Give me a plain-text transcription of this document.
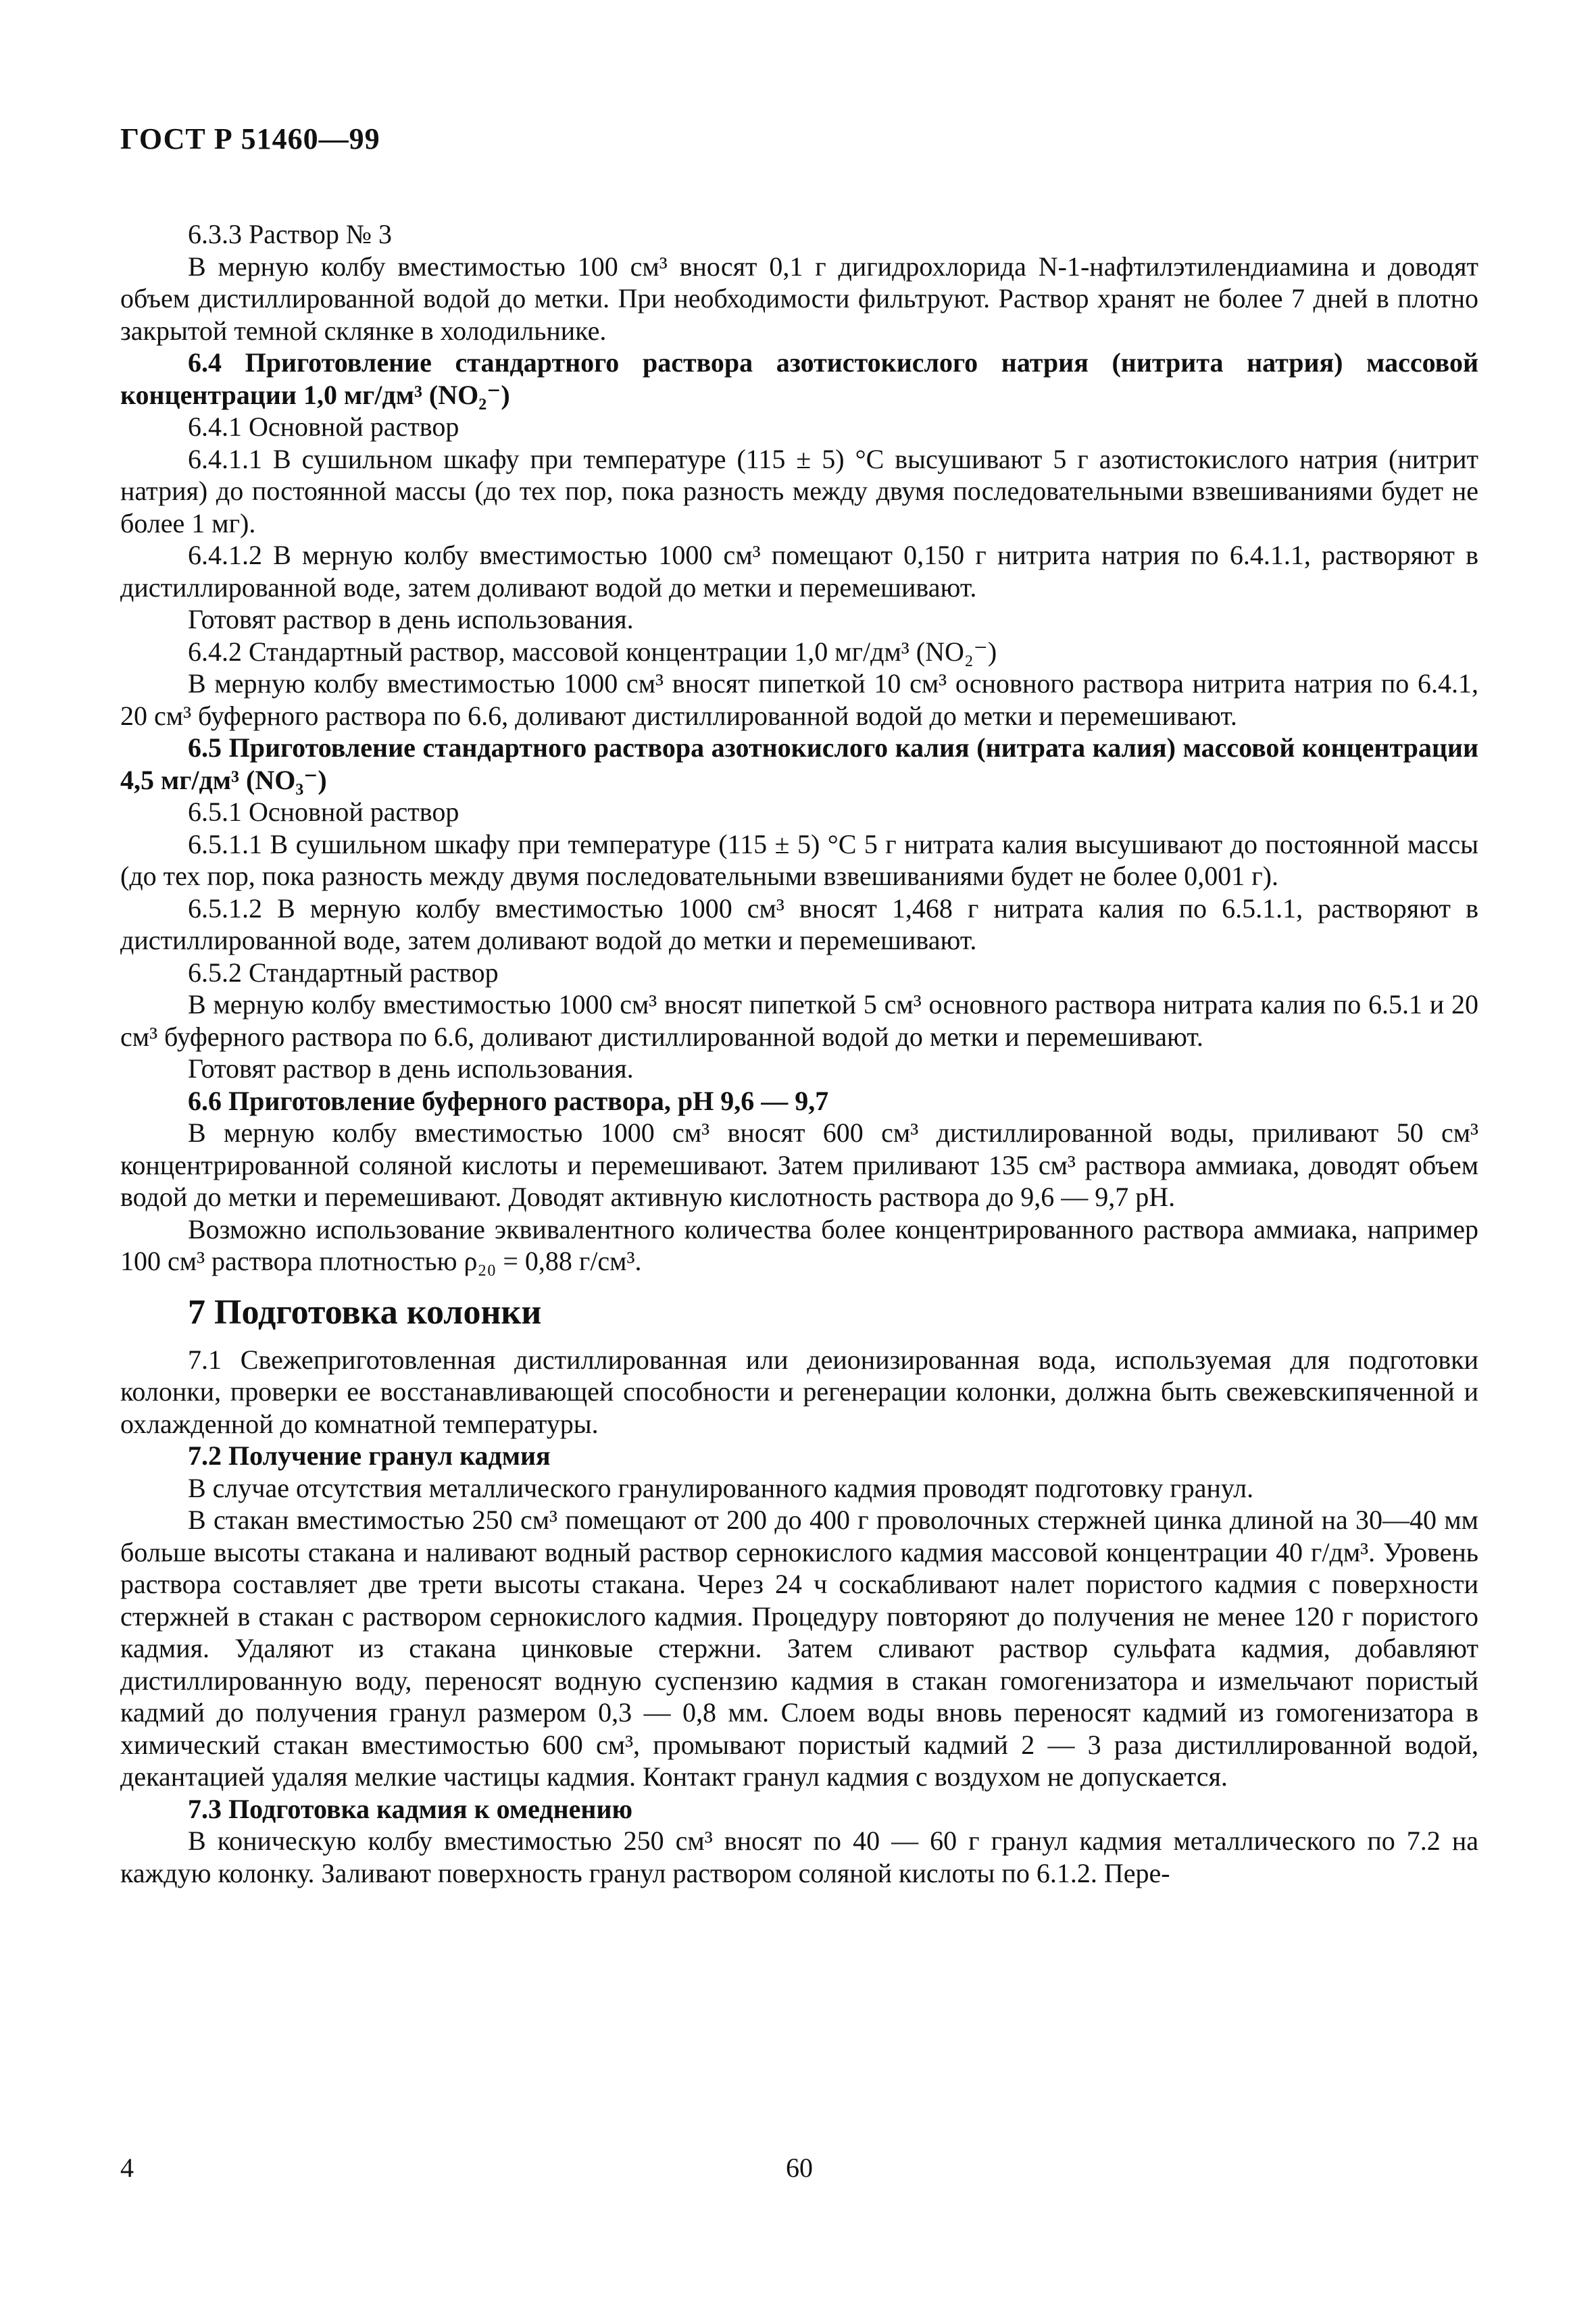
ГОСТ Р 51460—99

6.3.3 Раствор № 3

В мерную колбу вместимостью 100 см³ вносят 0,1 г дигидрохлорида N-1-нафтилэтилендиамина и доводят объем дистиллированной водой до метки. При необходимости фильтруют. Раствор хранят не более 7 дней в плотно закрытой темной склянке в холодильнике.

6.4 Приготовление стандартного раствора азотистокислого натрия (нитрита натрия) массовой концентрации 1,0 мг/дм³ (NO₂⁻)

6.4.1 Основной раствор

6.4.1.1 В сушильном шкафу при температуре (115 ± 5) °С высушивают 5 г азотистокислого натрия (нитрит натрия) до постоянной массы (до тех пор, пока разность между двумя последовательными взвешиваниями будет не более 1 мг).

6.4.1.2 В мерную колбу вместимостью 1000 см³ помещают 0,150 г нитрита натрия по 6.4.1.1, растворяют в дистиллированной воде, затем доливают водой до метки и перемешивают.

Готовят раствор в день использования.

6.4.2 Стандартный раствор, массовой концентрации 1,0 мг/дм³ (NO₂⁻)

В мерную колбу вместимостью 1000 см³ вносят пипеткой 10 см³ основного раствора нитрита натрия по 6.4.1, 20 см³ буферного раствора по 6.6, доливают дистиллированной водой до метки и перемешивают.

6.5 Приготовление стандартного раствора азотнокислого калия (нитрата калия) массовой концентрации 4,5 мг/дм³ (NO₃⁻)

6.5.1 Основной раствор

6.5.1.1 В сушильном шкафу при температуре (115 ± 5) °С 5 г нитрата калия высушивают до постоянной массы (до тех пор, пока разность между двумя последовательными взвешиваниями будет не более 0,001 г).

6.5.1.2 В мерную колбу вместимостью 1000 см³ вносят 1,468 г нитрата калия по 6.5.1.1, растворяют в дистиллированной воде, затем доливают водой до метки и перемешивают.

6.5.2 Стандартный раствор

В мерную колбу вместимостью 1000 см³ вносят пипеткой 5 см³ основного раствора нитрата калия по 6.5.1 и 20 см³ буферного раствора по 6.6, доливают дистиллированной водой до метки и перемешивают.

Готовят раствор в день использования.

6.6 Приготовление буферного раствора, рН 9,6 — 9,7

В мерную колбу вместимостью 1000 см³ вносят 600 см³ дистиллированной воды, приливают 50 см³ концентрированной соляной кислоты и перемешивают. Затем приливают 135 см³ раствора аммиака, доводят объем водой до метки и перемешивают. Доводят активную кислотность раствора до 9,6 — 9,7 рН.

Возможно использование эквивалентного количества более концентрированного раствора аммиака, например 100 см³ раствора плотностью ρ₂₀ = 0,88 г/см³.

7 Подготовка колонки

7.1 Свежеприготовленная дистиллированная или деионизированная вода, используемая для подготовки колонки, проверки ее восстанавливающей способности и регенерации колонки, должна быть свежевскипяченной и охлажденной до комнатной температуры.

7.2 Получение гранул кадмия

В случае отсутствия металлического гранулированного кадмия проводят подготовку гранул.

В стакан вместимостью 250 см³ помещают от 200 до 400 г проволочных стержней цинка длиной на 30—40 мм больше высоты стакана и наливают водный раствор сернокислого кадмия массовой концентрации 40 г/дм³. Уровень раствора составляет две трети высоты стакана. Через 24 ч соскабливают налет пористого кадмия с поверхности стержней в стакан с раствором сернокислого кадмия. Процедуру повторяют до получения не менее 120 г пористого кадмия. Удаляют из стакана цинковые стержни. Затем сливают раствор сульфата кадмия, добавляют дистиллированную воду, переносят водную суспензию кадмия в стакан гомогенизатора и измельчают пористый кадмий до получения гранул размером 0,3 — 0,8 мм. Слоем воды вновь переносят кадмий из гомогенизатора в химический стакан вместимостью 600 см³, промывают пористый кадмий 2 — 3 раза дистиллированной водой, декантацией удаляя мелкие частицы кадмия. Контакт гранул кадмия с воздухом не допускается.

7.3 Подготовка кадмия к омеднению

В коническую колбу вместимостью 250 см³ вносят по 40 — 60 г гранул кадмия металлического по 7.2 на каждую колонку. Заливают поверхность гранул раствором соляной кислоты по 6.1.2. Пере-

4	60
